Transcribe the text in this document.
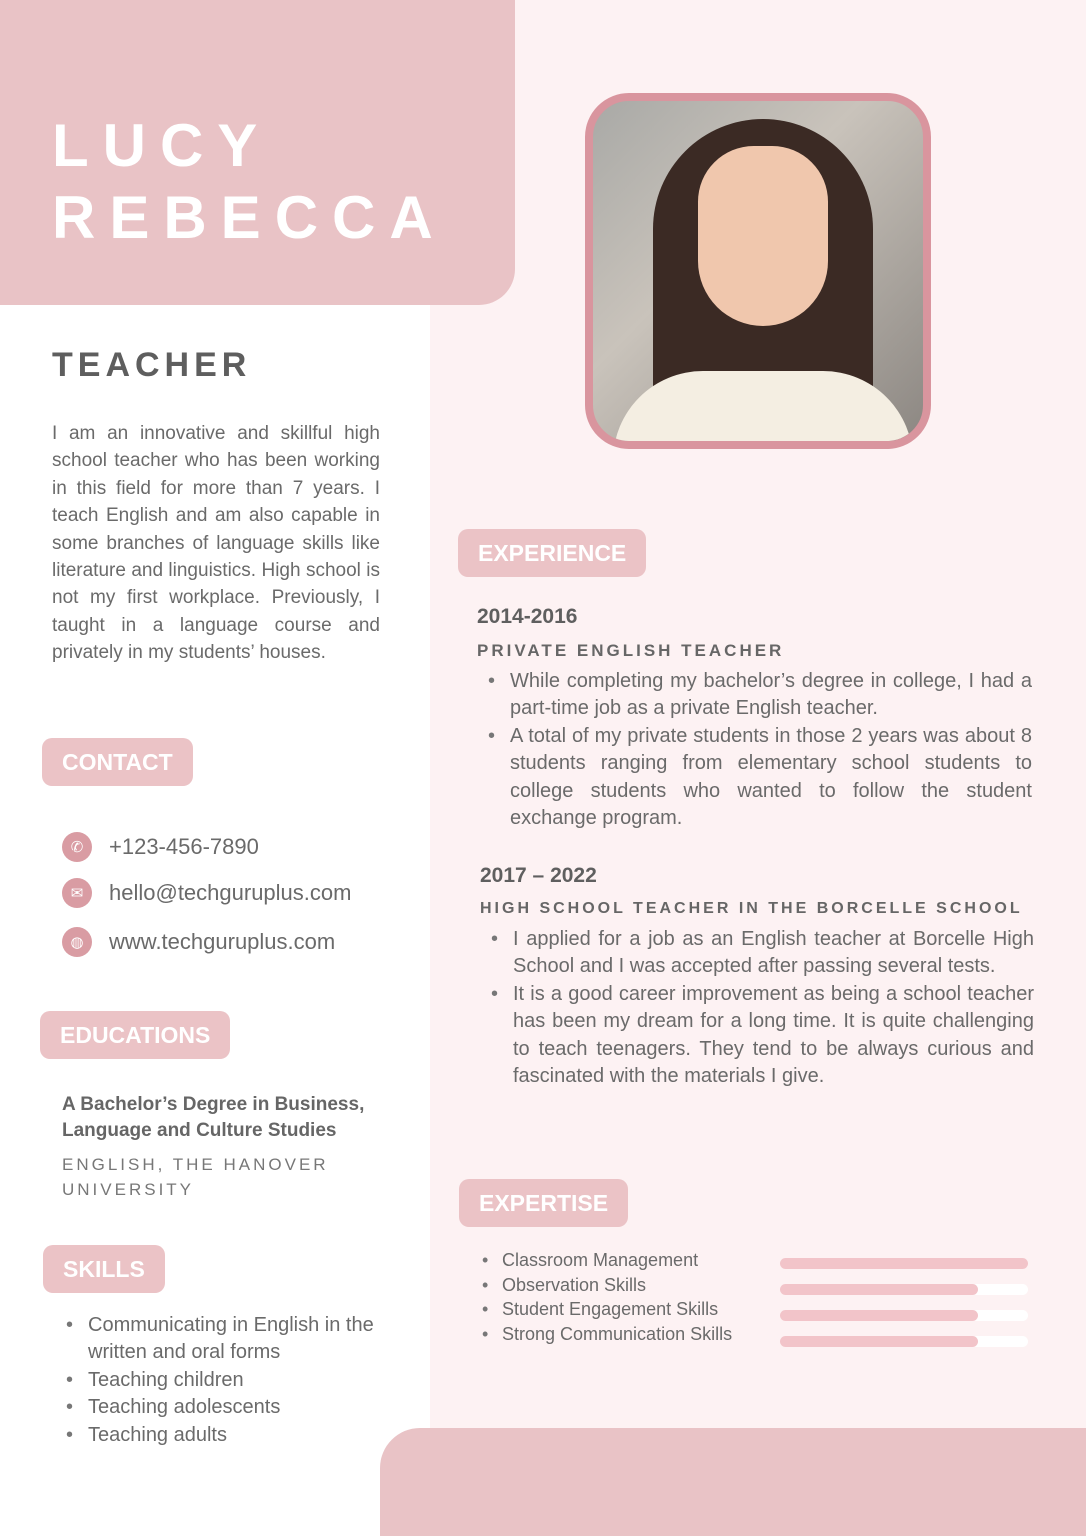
LUCY
REBECCA
TEACHER
I am an innovative and skillful high school teacher who has been working in this field for more than 7 years. I teach English and am also capable in some branches of language skills like literature and linguistics. High school is not my first workplace. Previously, I taught in a language course and privately in my students’ houses.
CONTACT
✆	+123-456-7890
✉	hello@techguruplus.com
◍	www.techguruplus.com
EDUCATIONS
A Bachelor’s Degree in Business, Language and Culture Studies
ENGLISH, THE HANOVER UNIVERSITY
SKILLS
• Communicating in English in the written and oral forms
• Teaching children
• Teaching adolescents
• Teaching adults
EXPERIENCE
2014-2016
PRIVATE ENGLISH TEACHER
• While completing my bachelor’s degree in college, I had a part-time job as a private English teacher.
• A total of my private students in those 2 years was about 8 students ranging from elementary school students to college students who wanted to follow the student exchange program.
2017 – 2022
HIGH SCHOOL TEACHER IN THE BORCELLE SCHOOL
• I applied for a job as an English teacher at Borcelle High School and I was accepted after passing several tests.
• It is a good career improvement as being a school teacher has been my dream for a long time. It is quite challenging to teach teenagers. They tend to be always curious and fascinated with the materials I give.
EXPERTISE
• Classroom Management
• Observation Skills
• Student Engagement Skills
• Strong Communication Skills
